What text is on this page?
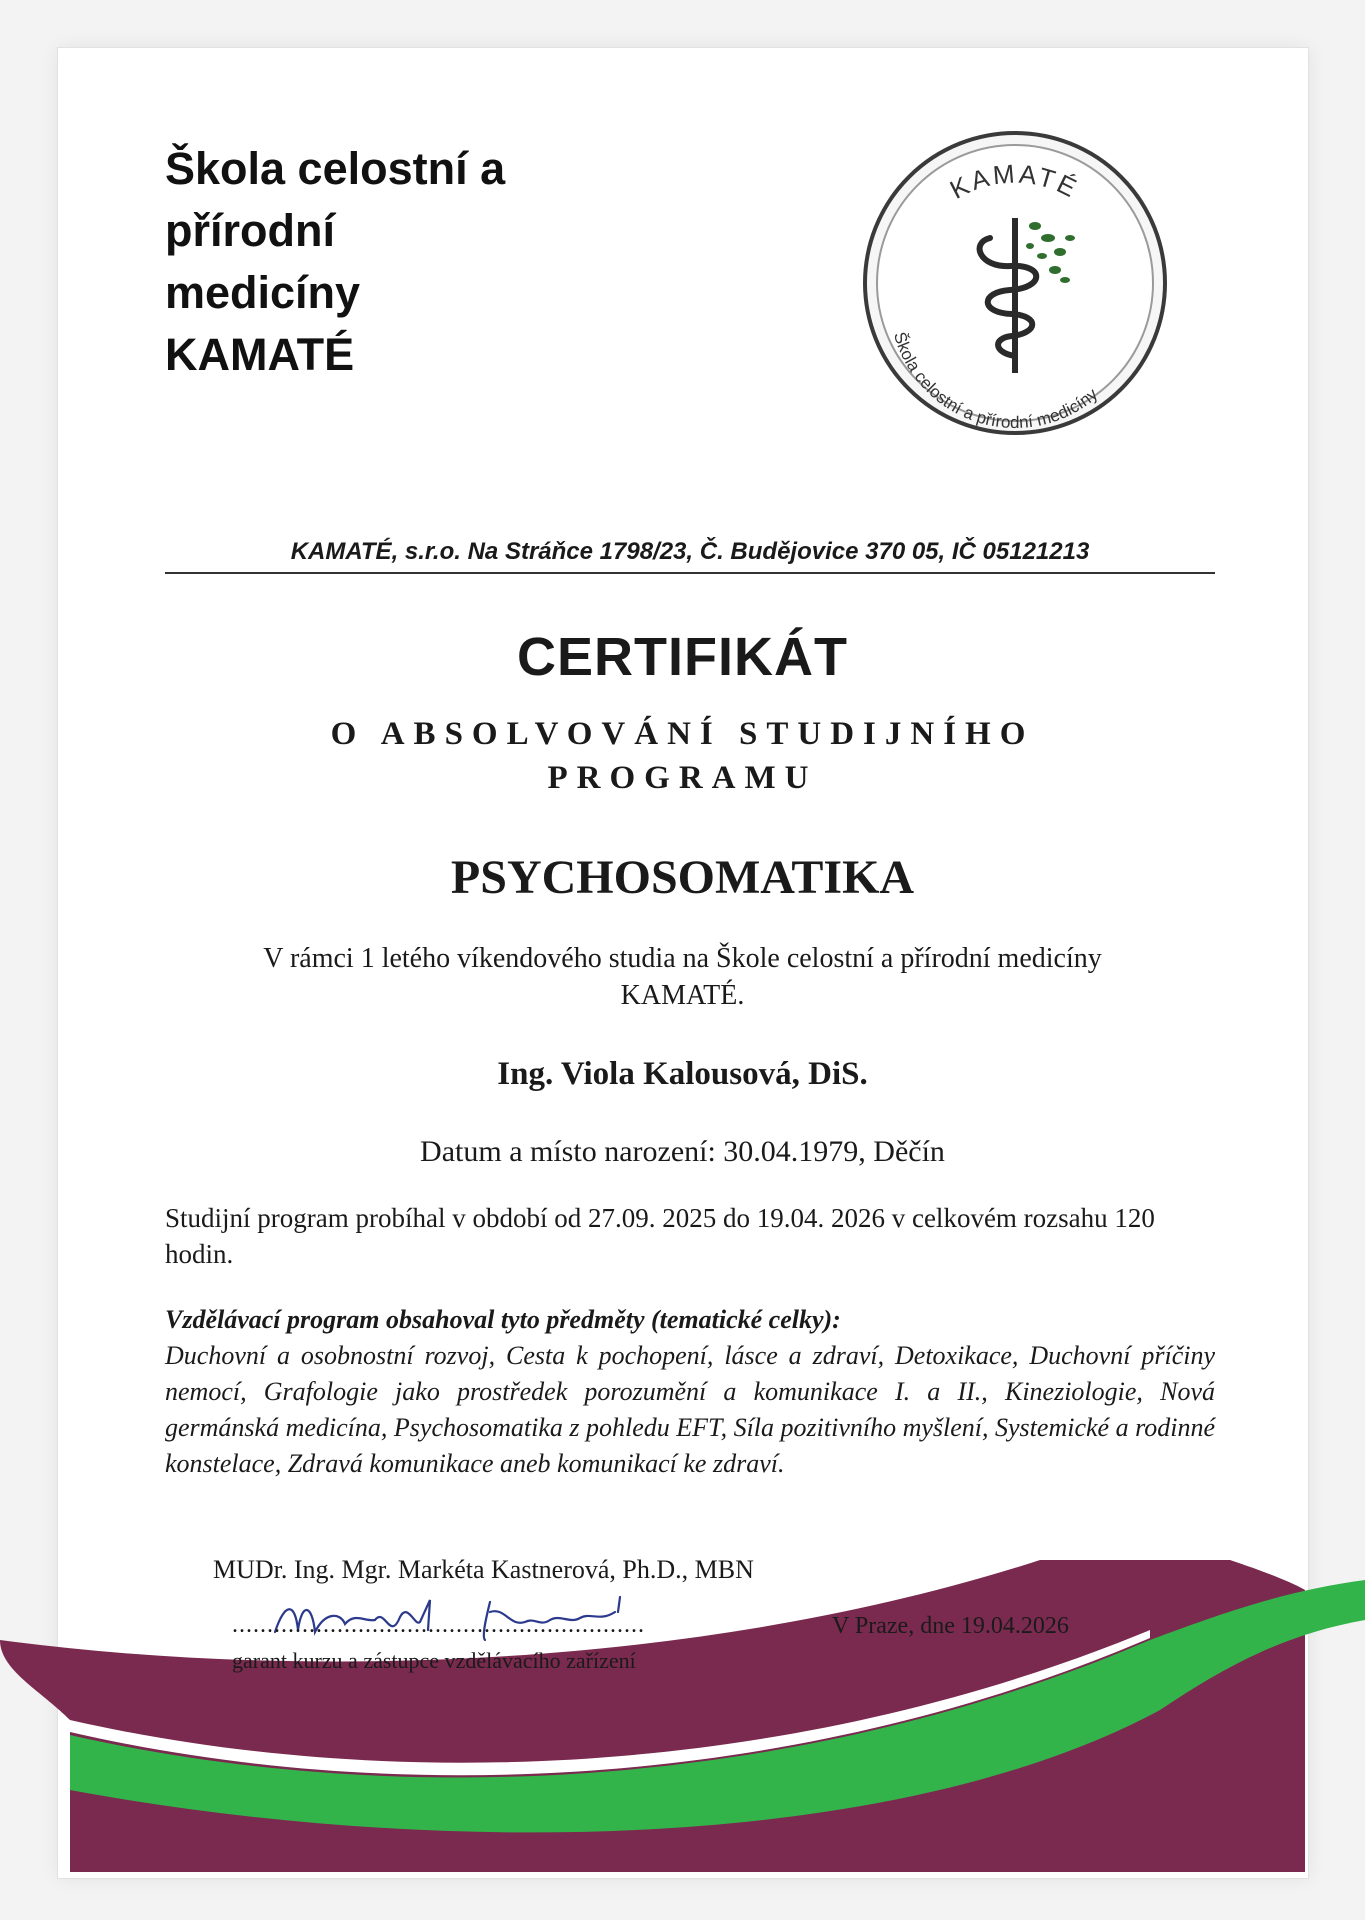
Škola celostní a
přírodní
medicíny
KAMATÉ
KAMATÉ
Škola celostní a přírodní medicíny
KAMATÉ, s.r.o. Na Stráňce 1798/23, Č. Budějovice 370 05, IČ 05121213
CERTIFIKÁT
O ABSOLVOVÁNÍ STUDIJNÍHO
PROGRAMU
PSYCHOSOMATIKA
V rámci 1 letého víkendového studia na Škole celostní a přírodní medicíny
KAMATÉ.
Ing. Viola Kalousová, DiS.
Datum a místo narození: 30.04.1979, Děčín
Studijní program probíhal v období od 27.09. 2025 do 19.04. 2026 v celkovém rozsahu 120 hodin.
Vzdělávací program obsahoval tyto předměty (tematické celky):
Duchovní a osobnostní rozvoj, Cesta k pochopení, lásce a zdraví, Detoxikace, Duchovní příčiny nemocí, Grafologie jako prostředek porozumění a komunikace I. a II., Kineziologie, Nová germánská medicína, Psychosomatika z pohledu EFT, Síla pozitivního myšlení, Systemické a rodinné konstelace, Zdravá komunikace aneb komunikací ke zdraví.
MUDr. Ing. Mgr. Markéta Kastnerová, Ph.D., MBN
...........................................................
garant kurzu a zástupce vzdělávacího zařízení
V Praze, dne 19.04.2026
